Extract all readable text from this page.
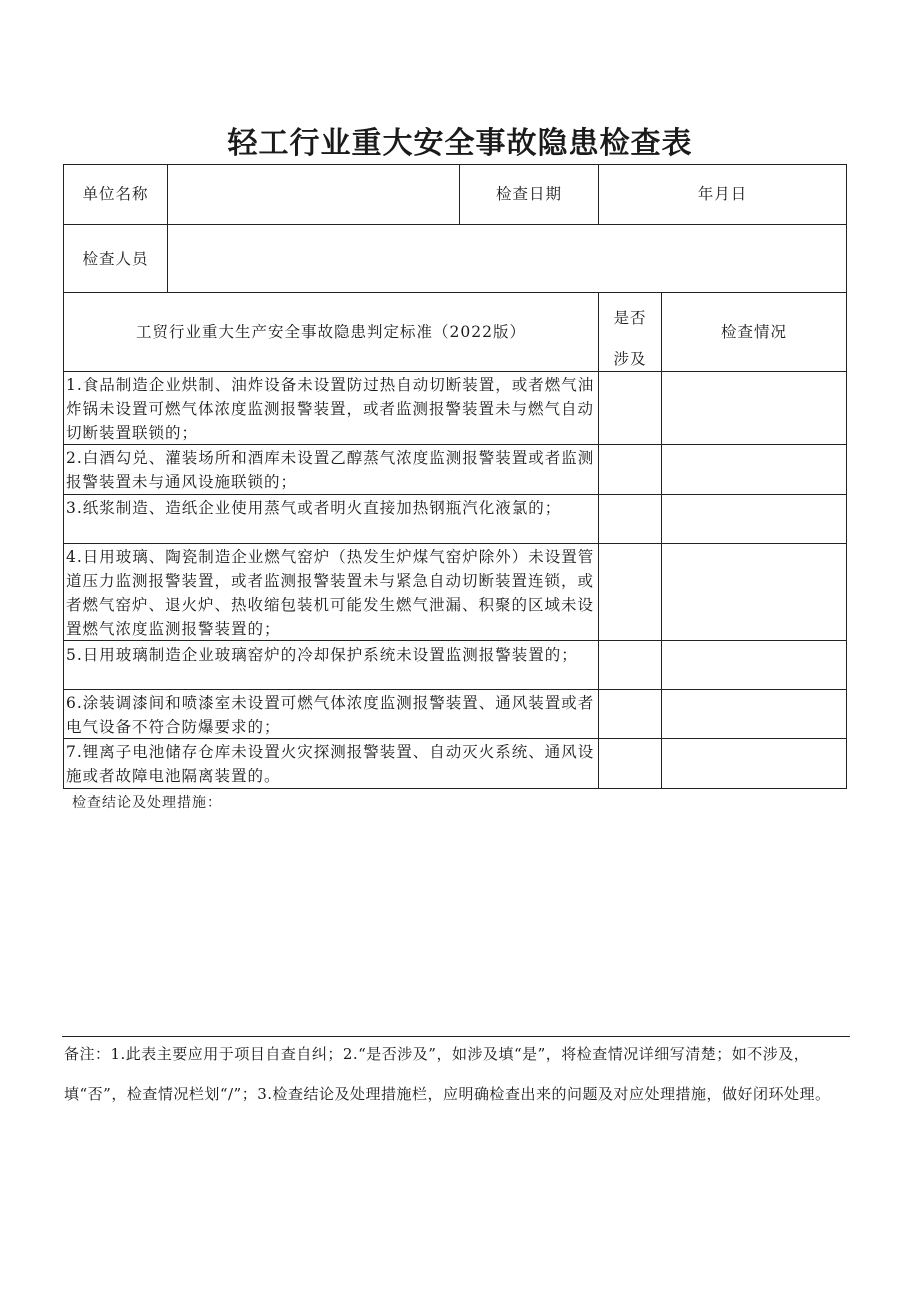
轻工行业重大安全事故隐患检查表
单位名称	检查日期	年月日
检查人员
工贸行业重大生产安全事故隐患判定标准（2022版）
是否
涉及
检查情况
1.食品制造企业烘制、油炸设备未设置防过热自动切断装置，或者燃气油炸锅未设置可燃气体浓度监测报警装置，或者监测报警装置未与燃气自动切断装置联锁的；
2.白酒勾兑、灌装场所和酒库未设置乙醇蒸气浓度监测报警装置或者监测报警装置未与通风设施联锁的；
3.纸浆制造、造纸企业使用蒸气或者明火直接加热钢瓶汽化液氯的；
4.日用玻璃、陶瓷制造企业燃气窑炉（热发生炉煤气窑炉除外）未设置管道压力监测报警装置，或者监测报警装置未与紧急自动切断装置连锁，或者燃气窑炉、退火炉、热收缩包装机可能发生燃气泄漏、积聚的区域未设置燃气浓度监测报警装置的；
5.日用玻璃制造企业玻璃窑炉的冷却保护系统未设置监测报警装置的；
6.涂装调漆间和喷漆室未设置可燃气体浓度监测报警装置、通风装置或者电气设备不符合防爆要求的；
7.锂离子电池储存仓库未设置火灾探测报警装置、自动灭火系统、通风设施或者故障电池隔离装置的。
检查结论及处理措施：
备注：1.此表主要应用于项目自查自纠；2.“是否涉及”，如涉及填“是”，将检查情况详细写清楚；如不涉及，填“否”，检查情况栏划“/”；3.检查结论及处理措施栏，应明确检查出来的问题及对应处理措施，做好闭环处理。
